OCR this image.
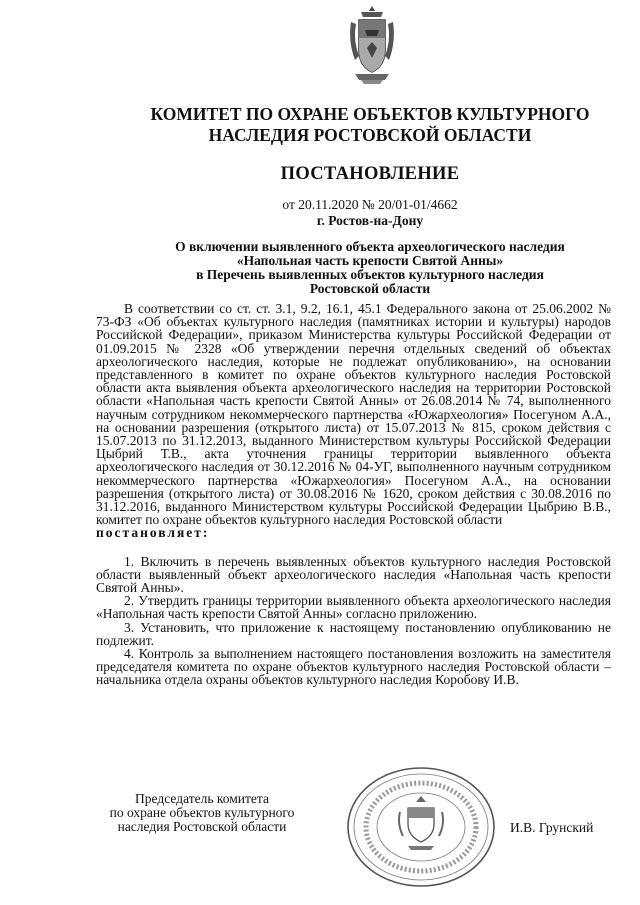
КОМИТЕТ ПО ОХРАНЕ ОБЪЕКТОВ КУЛЬТУРНОГО
НАСЛЕДИЯ РОСТОВСКОЙ ОБЛАСТИ
ПОСТАНОВЛЕНИЕ
от 20.11.2020 № 20/01-01/4662
г. Ростов-на-Дону
О включении выявленного объекта археологического наследия
«Напольная часть крепости Святой Анны»
в Перечень выявленных объектов культурного наследия
Ростовской области

В соответствии со ст. ст. 3.1, 9.2, 16.1, 45.1 Федерального закона от 25.06.2002 № 73-ФЗ «Об объектах культурного наследия (памятниках истории и культуры) народов Российской Федерации», приказом Министерства культуры Российской Федерации от 01.09.2015 № 2328 «Об утверждении перечня отдельных сведений об объектах археологического наследия, которые не подлежат опубликованию», на основании представленного в комитет по охране объектов культурного наследия Ростовской области акта выявления объекта археологического наследия на территории Ростовской области «Напольная часть крепости Святой Анны» от 26.08.2014 № 74, выполненного научным сотрудником некоммерческого партнерства «Южархеология» Посегуном А.А., на основании разрешения (открытого листа) от 15.07.2013 № 815, сроком действия с 15.07.2013 по 31.12.2013, выданного Министерством культуры Российской Федерации Цыбрий Т.В., акта уточнения границы территории выявленного объекта археологического наследия от 30.12.2016 № 04-УГ, выполненного научным сотрудником некоммерческого партнерства «Южархеология» Посегуном А.А., на основании разрешения (открытого листа) от 30.08.2016 № 1620, сроком действия с 30.08.2016 по 31.12.2016, выданного Министерством культуры Российской Федерации Цыбрию В.В., комитет по охране объектов культурного наследия Ростовской области

постановляет:

1. Включить в перечень выявленных объектов культурного наследия Ростовской области выявленный объект археологического наследия «Напольная часть крепости Святой Анны».

2. Утвердить границы территории выявленного объекта археологического наследия «Напольная часть крепости Святой Анны» согласно приложению.

3. Установить, что приложение к настоящему постановлению опубликованию не подлежит.

4. Контроль за выполнением настоящего постановления возложить на заместителя председателя комитета по охране объектов культурного наследия Ростовской области – начальника отдела охраны объектов культурного наследия Коробову И.В.

Председатель комитета
по охране объектов культурного
наследия Ростовской области	И.В. Грунский
